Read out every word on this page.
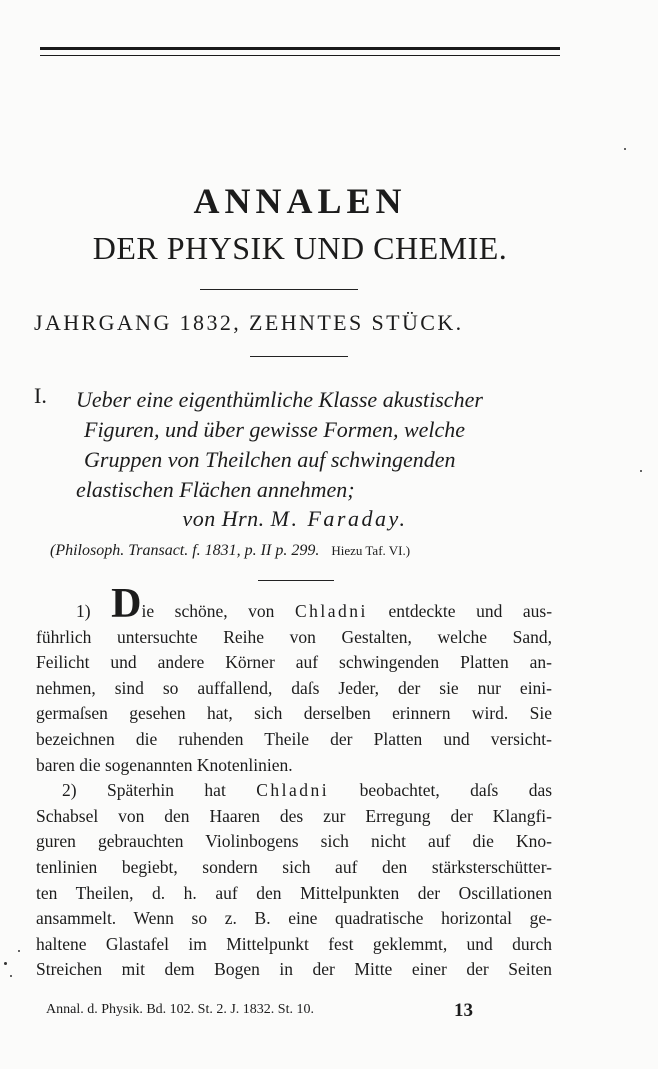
ANNALEN
DER PHYSIK UND CHEMIE.
JAHRGANG 1832, ZEHNTES STÜCK.
I. Ueber eine eigenthümliche Klasse akustischer
Figuren, und über gewisse Formen, welche
Gruppen von Theilchen auf schwingenden
elastischen Flächen annehmen;
von Hrn. M. Faraday.
(Philosoph. Transact. f. 1831, p. II p. 299. Hiezu Taf. VI.)
1) Die schöne, von Chladni entdeckte und aus-
führlich untersuchte Reihe von Gestalten, welche Sand,
Feilicht und andere Körner auf schwingenden Platten an-
nehmen, sind so auffallend, daſs Jeder, der sie nur eini-
germaſsen gesehen hat, sich derselben erinnern wird. Sie
bezeichnen die ruhenden Theile der Platten und versicht-
baren die sogenannten Knotenlinien.
2) Späterhin hat Chladni beobachtet, daſs das
Schabsel von den Haaren des zur Erregung der Klangfi-
guren gebrauchten Violinbogens sich nicht auf die Kno-
tenlinien begiebt, sondern sich auf den stärksterschütter-
ten Theilen, d. h. auf den Mittelpunkten der Oscillationen
ansammelt. Wenn so z. B. eine quadratische horizontal ge-
haltene Glastafel im Mittelpunkt fest geklemmt, und durch
Streichen mit dem Bogen in der Mitte einer der Seiten
Annal. d. Physik. Bd. 102. St. 2. J. 1832. St. 10.	13
